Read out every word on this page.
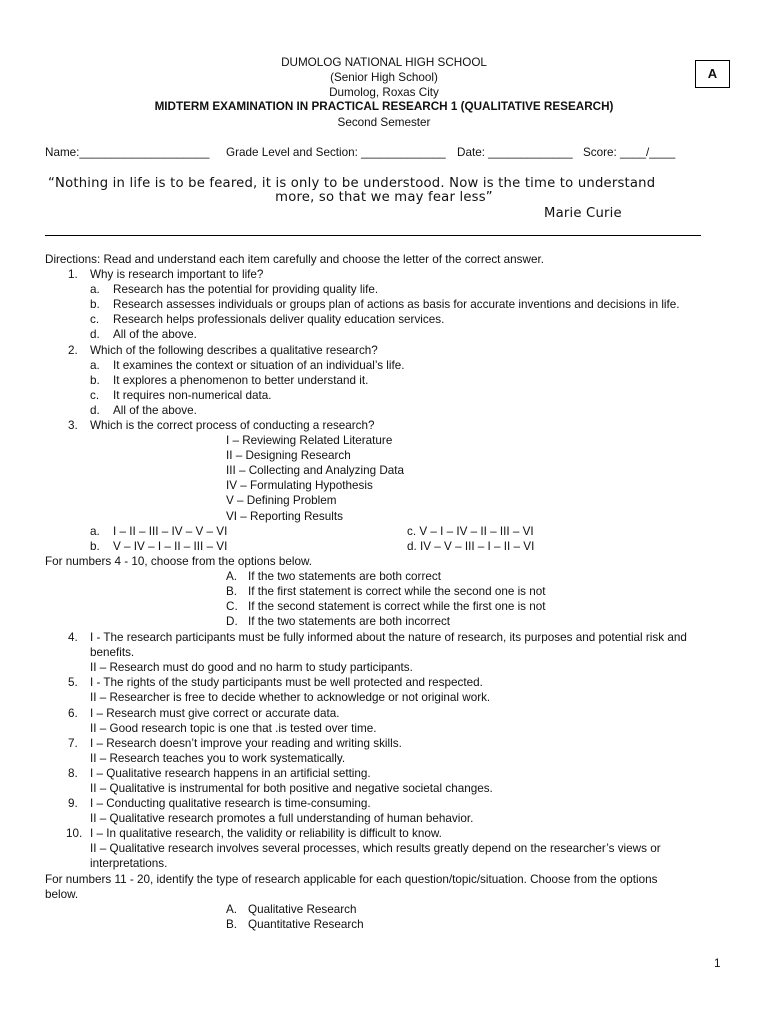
DUMOLOG NATIONAL HIGH SCHOOL
(Senior High School)
Dumolog, Roxas City
MIDTERM EXAMINATION IN PRACTICAL RESEARCH 1 (QUALITATIVE RESEARCH)
Second Semester
A
Name:____________________ Grade Level and Section: _____________ Date: _____________ Score: ____/____
“Nothing in life is to be feared, it is only to be understood. Now is the time to understand
more, so that we may fear less”
Marie Curie
Directions: Read and understand each item carefully and choose the letter of the correct answer.
1. Why is research important to life?
a. Research has the potential for providing quality life.
b. Research assesses individuals or groups plan of actions as basis for accurate inventions and decisions in life.
c. Research helps professionals deliver quality education services.
d. All of the above.
2. Which of the following describes a qualitative research?
a. It examines the context or situation of an individual’s life.
b. It explores a phenomenon to better understand it.
c. It requires non-numerical data.
d. All of the above.
3. Which is the correct process of conducting a research?
I – Reviewing Related Literature
II – Designing Research
III – Collecting and Analyzing Data
IV – Formulating Hypothesis
V – Defining Problem
VI – Reporting Results
a. I – II – III – IV – V – VI	c. V – I – IV – II – III – VI
b. V – IV – I – II – III – VI	d. IV – V – III – I – II – VI
For numbers 4 - 10, choose from the options below.
A. If the two statements are both correct
B. If the first statement is correct while the second one is not
C. If the second statement is correct while the first one is not
D. If the two statements are both incorrect
4. I - The research participants must be fully informed about the nature of research, its purposes and potential risk and
benefits.
II – Research must do good and no harm to study participants.
5. I - The rights of the study participants must be well protected and respected.
II – Researcher is free to decide whether to acknowledge or not original work.
6. I – Research must give correct or accurate data.
II – Good research topic is one that .is tested over time.
7. I – Research doesn’t improve your reading and writing skills.
II – Research teaches you to work systematically.
8. I – Qualitative research happens in an artificial setting.
II – Qualitative is instrumental for both positive and negative societal changes.
9. I – Conducting qualitative research is time-consuming.
II – Qualitative research promotes a full understanding of human behavior.
10. I – In qualitative research, the validity or reliability is difficult to know.
II – Qualitative research involves several processes, which results greatly depend on the researcher’s views or
interpretations.
For numbers 11 - 20, identify the type of research applicable for each question/topic/situation. Choose from the options
below.
A. Qualitative Research
B. Quantitative Research
1
